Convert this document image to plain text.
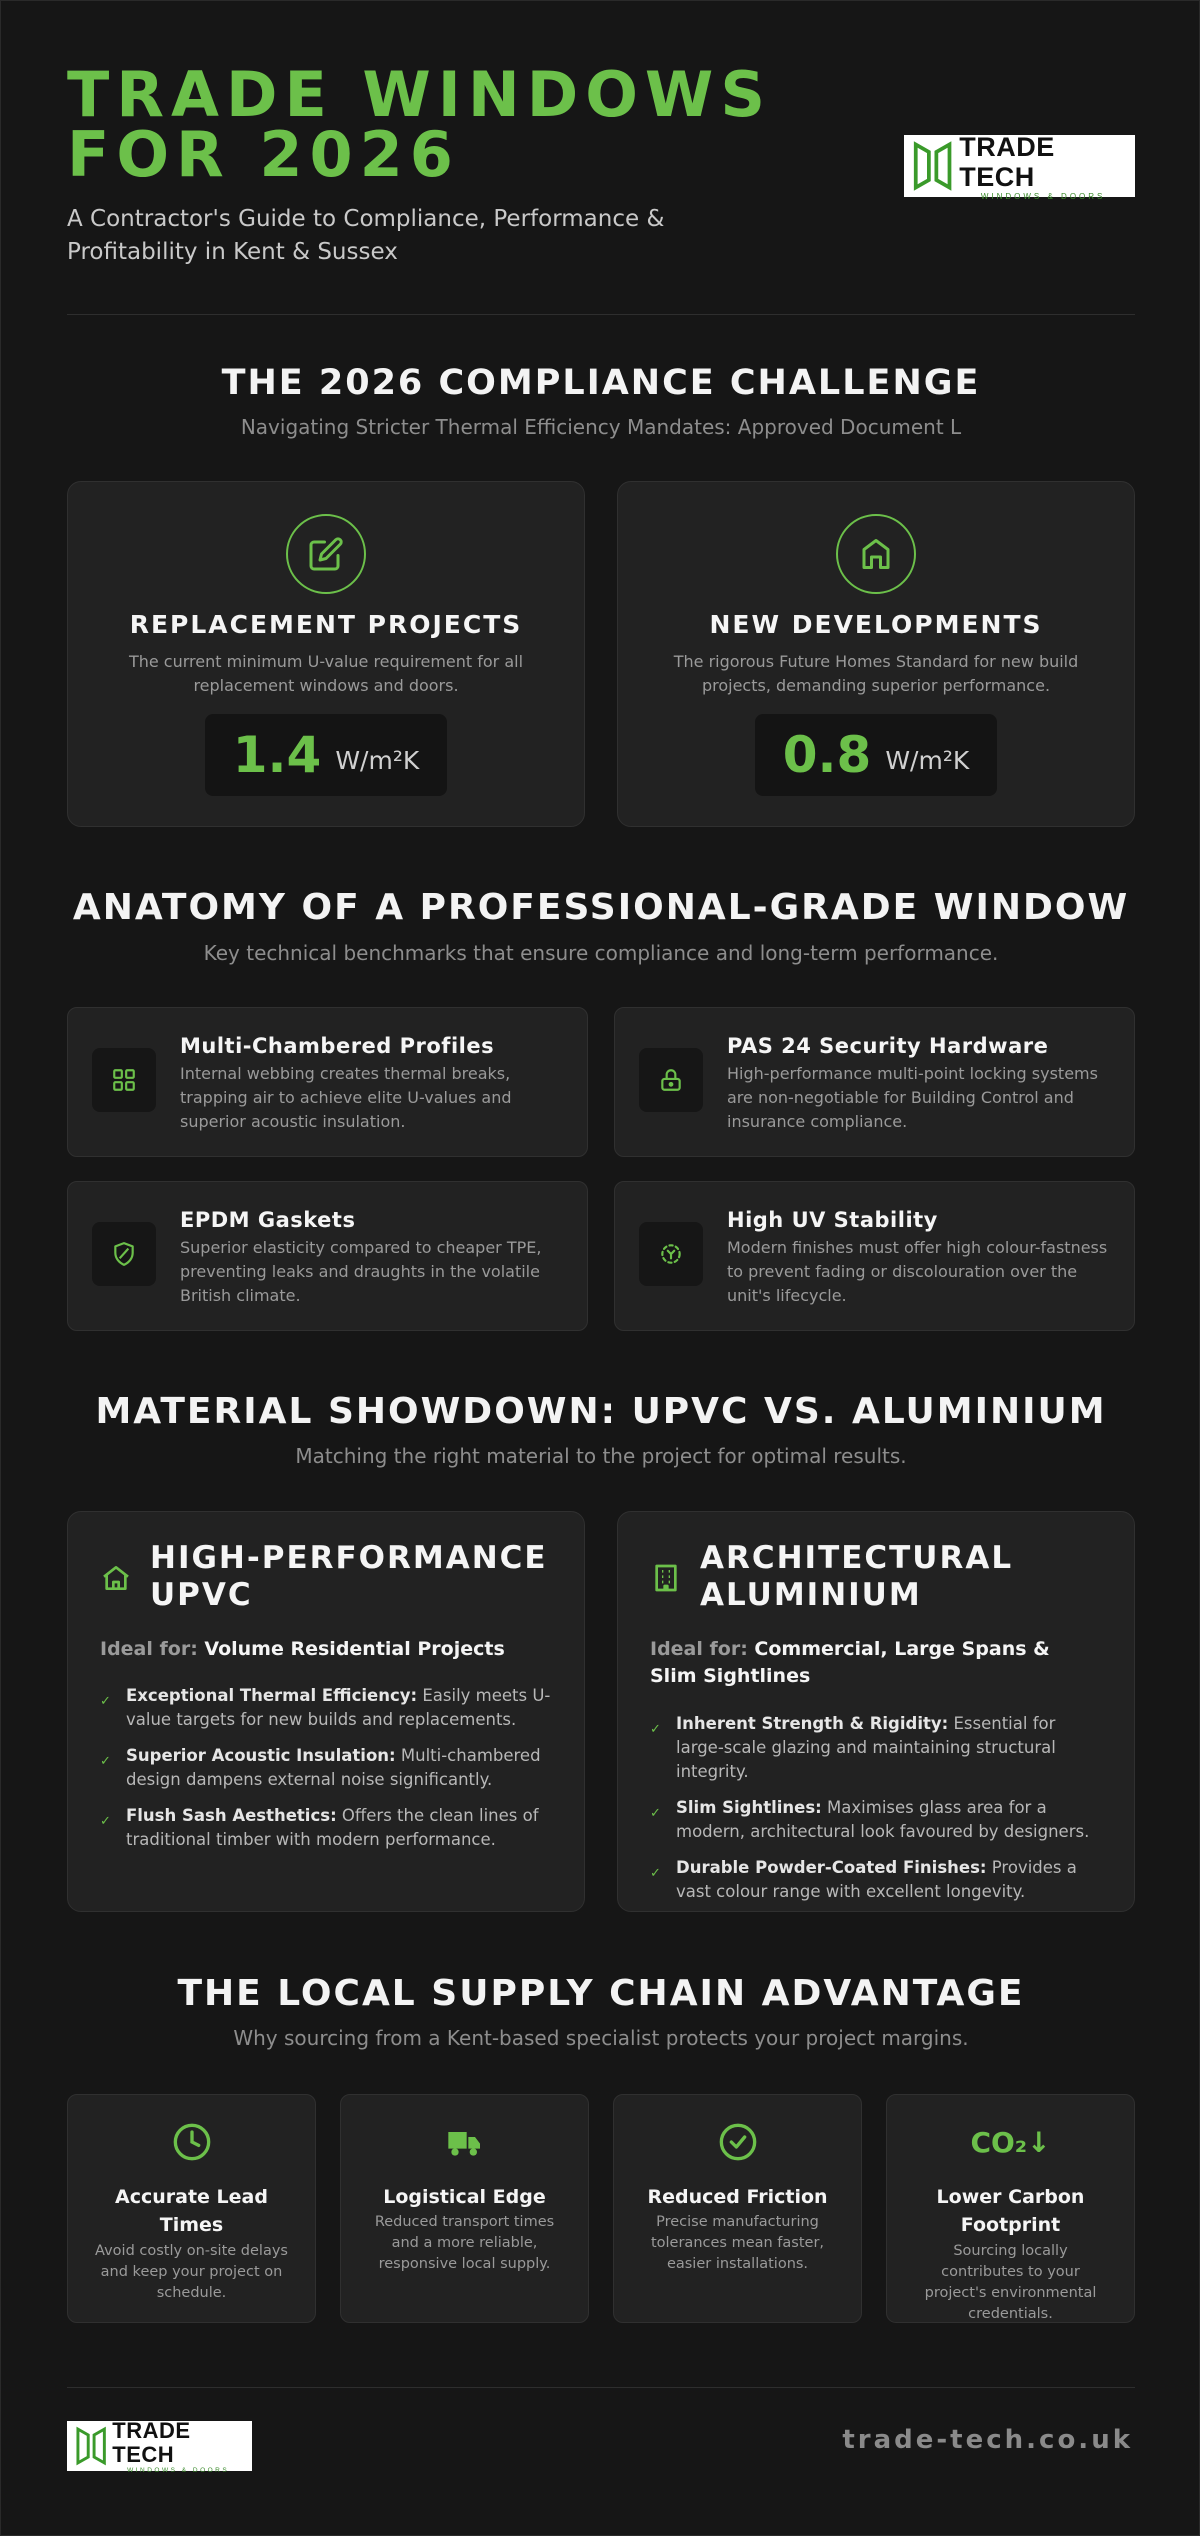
TRADE WINDOWS
FOR 2026
A Contractor's Guide to Compliance, Performance & Profitability in Kent & Sussex
TRADE TECH
WINDOWS & DOORS
THE 2026 COMPLIANCE CHALLENGE
Navigating Stricter Thermal Efficiency Mandates: Approved Document L
REPLACEMENT PROJECTS
The current minimum U-value requirement for all replacement windows and doors.
1.4 W/m²K
NEW DEVELOPMENTS
The rigorous Future Homes Standard for new build projects, demanding superior performance.
0.8 W/m²K
ANATOMY OF A PROFESSIONAL-GRADE WINDOW
Key technical benchmarks that ensure compliance and long-term performance.
Multi-Chambered Profiles
Internal webbing creates thermal breaks, trapping air to achieve elite U-values and superior acoustic insulation.
PAS 24 Security Hardware
High-performance multi-point locking systems are non-negotiable for Building Control and insurance compliance.
EPDM Gaskets
Superior elasticity compared to cheaper TPE, preventing leaks and draughts in the volatile British climate.
High UV Stability
Modern finishes must offer high colour-fastness to prevent fading or discolouration over the unit's lifecycle.
MATERIAL SHOWDOWN: UPVC VS. ALUMINIUM
Matching the right material to the project for optimal results.
HIGH-PERFORMANCE
UPVC
Ideal for: Volume Residential Projects
✓ Exceptional Thermal Efficiency: Easily meets U-value targets for new builds and replacements.
✓ Superior Acoustic Insulation: Multi-chambered design dampens external noise significantly.
✓ Flush Sash Aesthetics: Offers the clean lines of traditional timber with modern performance.
ARCHITECTURAL
ALUMINIUM
Ideal for: Commercial, Large Spans & Slim Sightlines
✓ Inherent Strength & Rigidity: Essential for large-scale glazing and maintaining structural integrity.
✓ Slim Sightlines: Maximises glass area for a modern, architectural look favoured by designers.
✓ Durable Powder-Coated Finishes: Provides a vast colour range with excellent longevity.
THE LOCAL SUPPLY CHAIN ADVANTAGE
Why sourcing from a Kent-based specialist protects your project margins.
Accurate Lead Times
Avoid costly on-site delays and keep your project on schedule.
Logistical Edge
Reduced transport times and a more reliable, responsive local supply.
Reduced Friction
Precise manufacturing tolerances mean faster, easier installations.
CO₂↓
Lower Carbon Footprint
Sourcing locally contributes to your project's environmental credentials.
TRADE TECH
WINDOWS & DOORS
trade-tech.co.uk
